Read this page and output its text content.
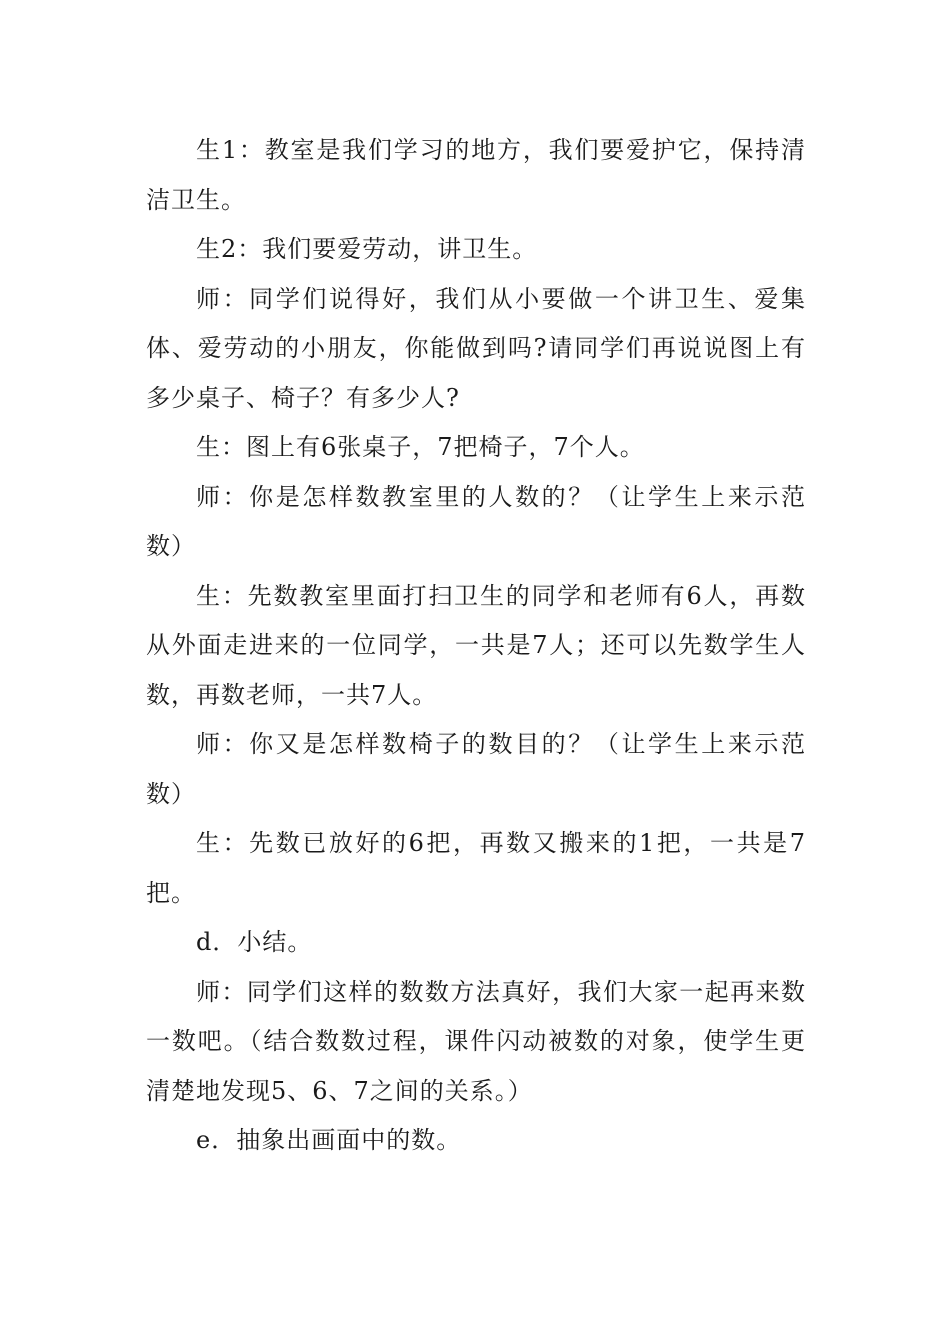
生1：教室是我们学习的地方，我们要爱护它，保持清洁卫生。

生2：我们要爱劳动，讲卫生。

师：同学们说得好，我们从小要做一个讲卫生、爱集体、爱劳动的小朋友，你能做到吗?请同学们再说说图上有多少桌子、椅子？有多少人?

生：图上有6张桌子，7把椅子，7个人。

师：你是怎样数教室里的人数的？（让学生上来示范数）

生：先数教室里面打扫卫生的同学和老师有6人，再数从外面走进来的一位同学，一共是7人；还可以先数学生人数，再数老师，一共7人。

师：你又是怎样数椅子的数目的？（让学生上来示范数）

生：先数已放好的6把，再数又搬来的1把，一共是7把。

d．小结。

师：同学们这样的数数方法真好，我们大家一起再来数一数吧。（结合数数过程，课件闪动被数的对象，使学生更清楚地发现5、6、7之间的关系。）

e．抽象出画面中的数。
